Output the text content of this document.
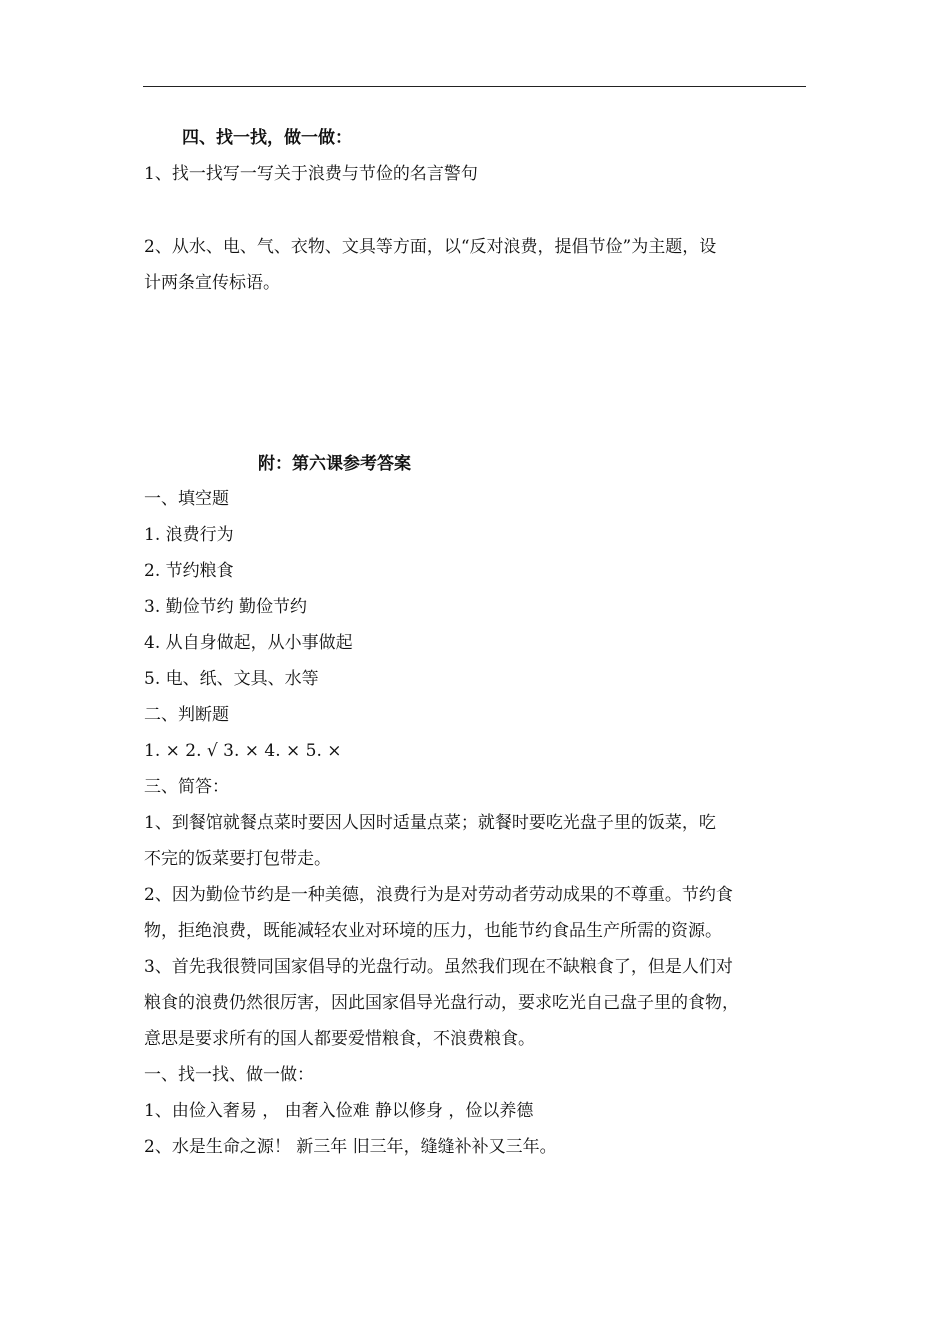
四、找一找，做一做：
1、找一找写一写关于浪费与节俭的名言警句
2、从水、电、气、衣物、文具等方面，以“反对浪费，提倡节俭”为主题，设
计两条宣传标语。
附：第六课参考答案
一、填空题
1. 浪费行为
2. 节约粮食
3. 勤俭节约 勤俭节约
4. 从自身做起，从小事做起
5. 电、纸、文具、水等
二、判断题
1. × 2. √ 3. × 4. × 5. ×
三、简答：
1、到餐馆就餐点菜时要因人因时适量点菜；就餐时要吃光盘子里的饭菜，吃
不完的饭菜要打包带走。
2、因为勤俭节约是一种美德，浪费行为是对劳动者劳动成果的不尊重。节约食
物，拒绝浪费，既能减轻农业对环境的压力，也能节约食品生产所需的资源。
3、首先我很赞同国家倡导的光盘行动。虽然我们现在不缺粮食了，但是人们对
粮食的浪费仍然很厉害，因此国家倡导光盘行动，要求吃光自己盘子里的食物，
意思是要求所有的国人都要爱惜粮食，不浪费粮食。
一、找一找、做一做：
1、由俭入奢易 ， 由奢入俭难 静以修身 ，俭以养德
2、水是生命之源！ 新三年 旧三年，缝缝补补又三年。
